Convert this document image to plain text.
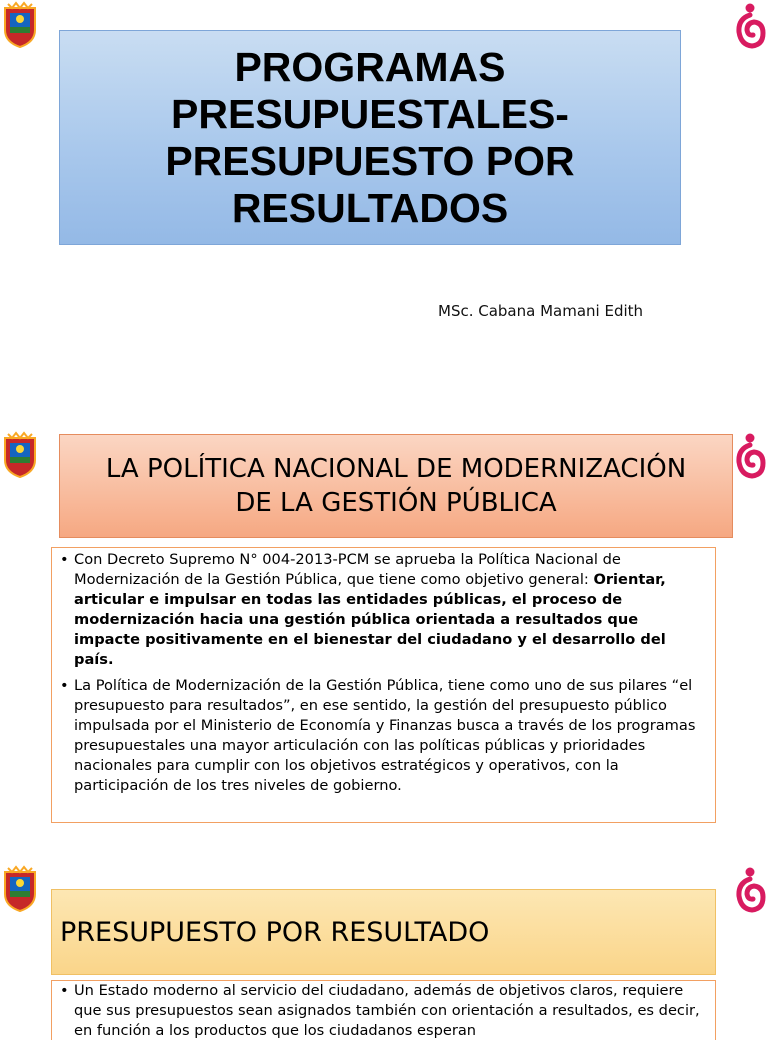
PROGRAMAS
PRESUPUESTALES-
PRESUPUESTO POR
RESULTADOS
MSc. Cabana Mamani Edith
LA POLÍTICA NACIONAL DE MODERNIZACIÓN
DE LA GESTIÓN PÚBLICA
• Con Decreto Supremo N° 004-2013-PCM se aprueba la Política Nacional de Modernización de la Gestión Pública, que tiene como objetivo general: Orientar, articular e impulsar en todas las entidades públicas, el proceso de modernización hacia una gestión pública orientada a resultados que impacte positivamente en el bienestar del ciudadano y el desarrollo del país.
• La Política de Modernización de la Gestión Pública, tiene como uno de sus pilares “el presupuesto para resultados”, en ese sentido, la gestión del presupuesto público impulsada por el Ministerio de Economía y Finanzas busca a través de los programas presupuestales una mayor articulación con las políticas públicas y prioridades nacionales para cumplir con los objetivos estratégicos y operativos, con la participación de los tres niveles de gobierno.
PRESUPUESTO POR RESULTADO
• Un Estado moderno al servicio del ciudadano, además de objetivos claros, requiere que sus presupuestos sean asignados también con orientación a resultados, es decir, en función a los productos que los ciudadanos esperan
